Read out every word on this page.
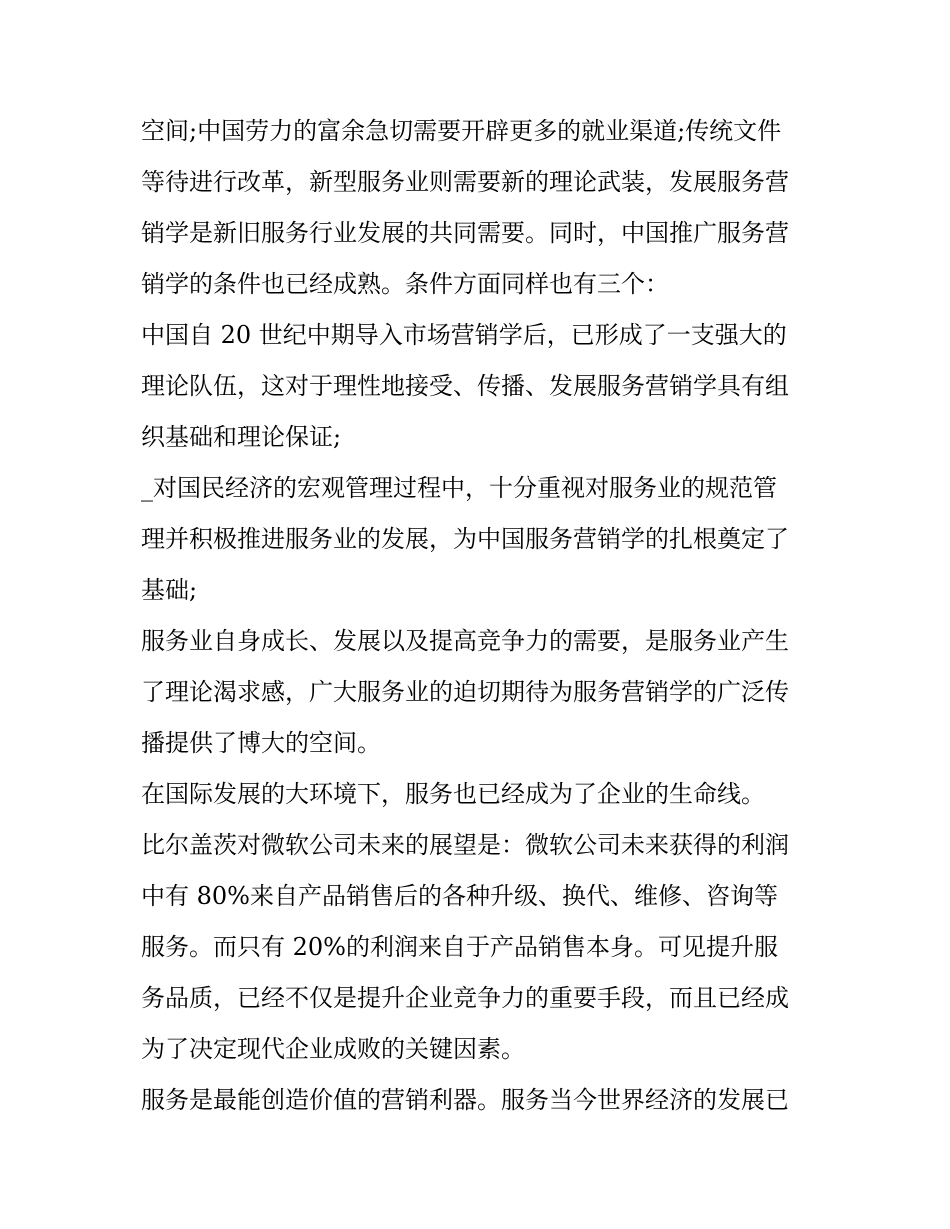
空间;中国劳力的富余急切需要开辟更多的就业渠道;传统文件
等待进行改革，新型服务业则需要新的理论武装，发展服务营
销学是新旧服务行业发展的共同需要。同时，中国推广服务营
销学的条件也已经成熟。条件方面同样也有三个：
中国自 20 世纪中期导入市场营销学后，已形成了一支强大的
理论队伍，这对于理性地接受、传播、发展服务营销学具有组
织基础和理论保证;
_对国民经济的宏观管理过程中，十分重视对服务业的规范管
理并积极推进服务业的发展，为中国服务营销学的扎根奠定了
基础;
服务业自身成长、发展以及提高竞争力的需要，是服务业产生
了理论渴求感，广大服务业的迫切期待为服务营销学的广泛传
播提供了博大的空间。
在国际发展的大环境下，服务也已经成为了企业的生命线。
比尔盖茨对微软公司未来的展望是：微软公司未来获得的利润
中有 80%来自产品销售后的各种升级、换代、维修、咨询等
服务。而只有 20%的利润来自于产品销售本身。可见提升服
务品质，已经不仅是提升企业竞争力的重要手段，而且已经成
为了决定现代企业成败的关键因素。
服务是最能创造价值的营销利器。服务当今世界经济的发展已
